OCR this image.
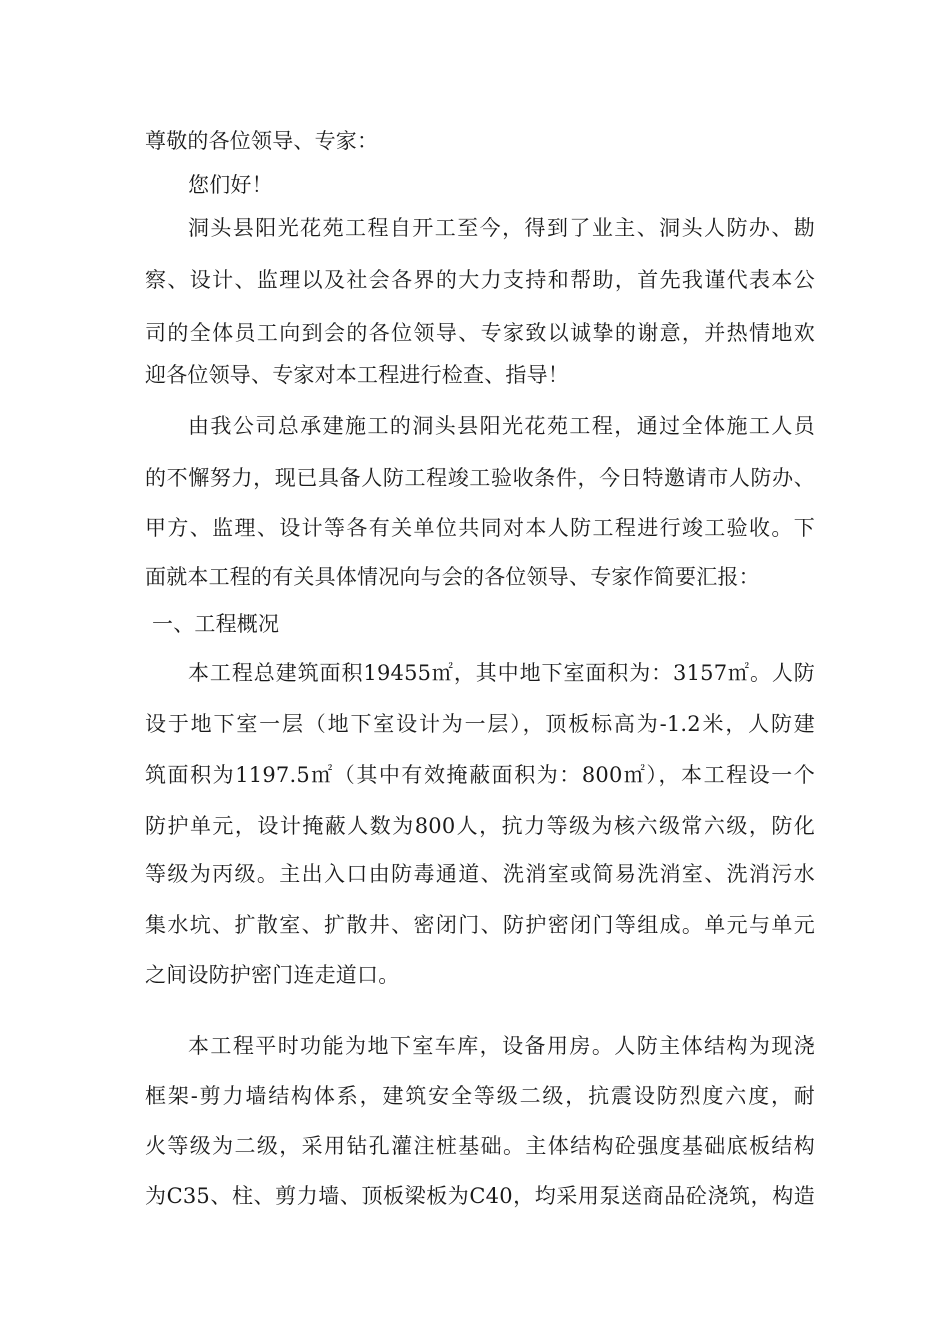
尊敬的各位领导、专家：
您们好！
洞头县阳光花苑工程自开工至今，得到了业主、洞头人防办、勘
察、设计、监理以及社会各界的大力支持和帮助，首先我谨代表本公
司的全体员工向到会的各位领导、专家致以诚挚的谢意，并热情地欢
迎各位领导、专家对本工程进行检查、指导！
由我公司总承建施工的洞头县阳光花苑工程，通过全体施工人员
的不懈努力，现已具备人防工程竣工验收条件，今日特邀请市人防办、
甲方、监理、设计等各有关单位共同对本人防工程进行竣工验收。下
面就本工程的有关具体情况向与会的各位领导、专家作简要汇报：
一、工程概况
本工程总建筑面积19455㎡，其中地下室面积为：3157㎡。人防
设于地下室一层（地下室设计为一层），顶板标高为-1.2米，人防建
筑面积为1197.5㎡（其中有效掩蔽面积为：800㎡），本工程设一个
防护单元，设计掩蔽人数为800人，抗力等级为核六级常六级，防化
等级为丙级。主出入口由防毒通道、洗消室或简易洗消室、洗消污水
集水坑、扩散室、扩散井、密闭门、防护密闭门等组成。单元与单元
之间设防护密门连走道口。
本工程平时功能为地下室车库，设备用房。人防主体结构为现浇
框架-剪力墙结构体系，建筑安全等级二级，抗震设防烈度六度，耐
火等级为二级，采用钻孔灌注桩基础。主体结构砼强度基础底板结构
为C35、柱、剪力墙、顶板梁板为C40，均采用泵送商品砼浇筑，构造
